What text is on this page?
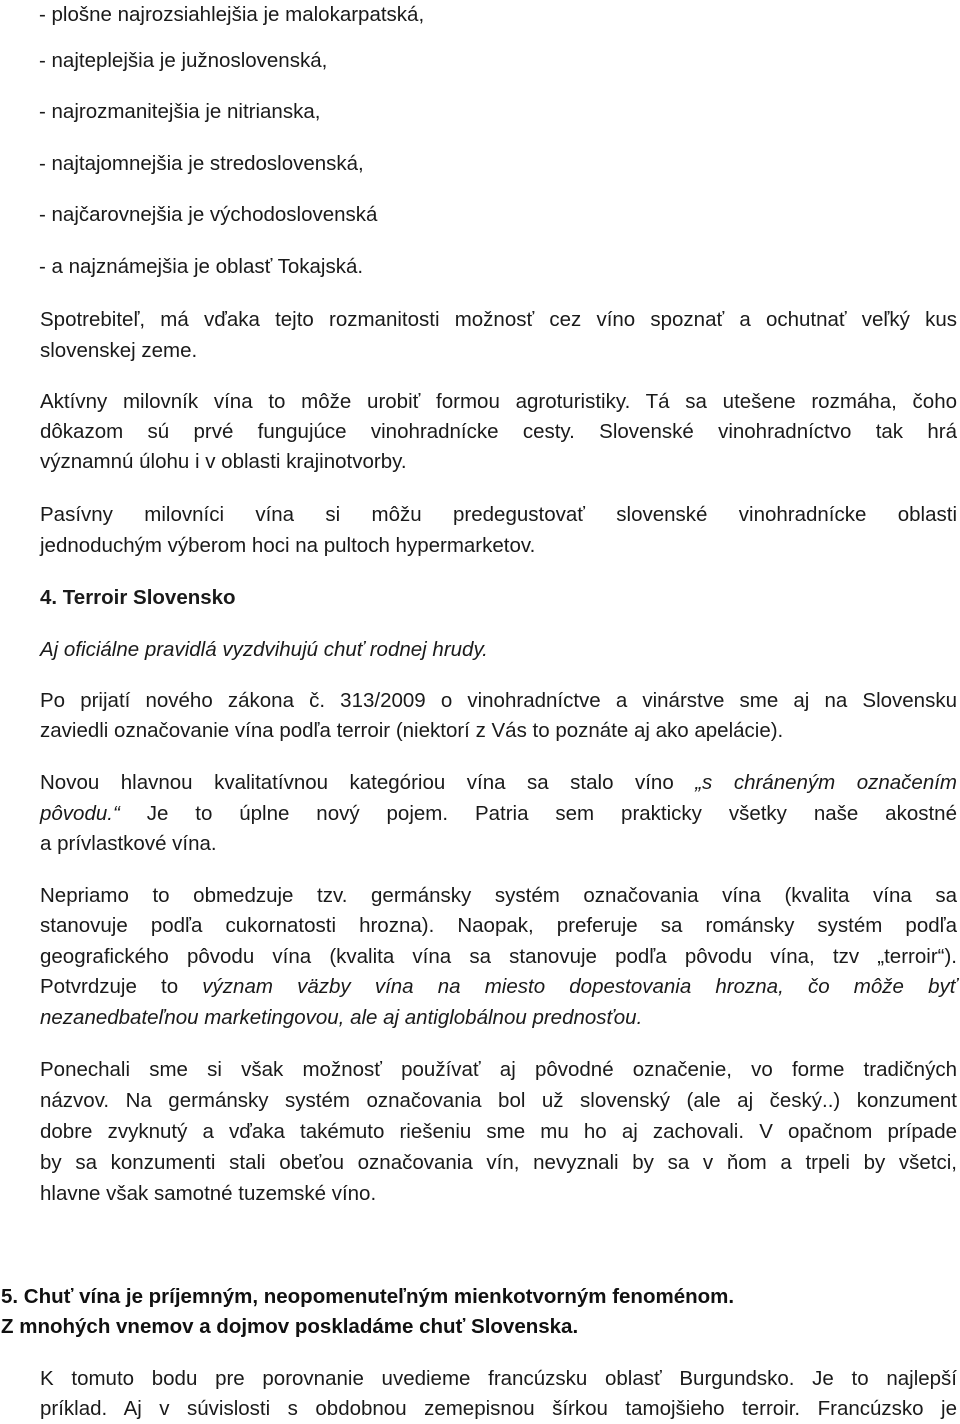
- plošne najrozsiahlejšia je malokarpatská,
- najteplejšia je južnoslovenská,
- najrozmanitejšia je nitrianska,
- najtajomnejšia je stredoslovenská,
- najčarovnejšia je východoslovenská
- a najznámejšia je oblasť Tokajská.
Spotrebiteľ, má vďaka tejto rozmanitosti možnosť cez víno spoznať a ochutnať veľký kus
slovenskej zeme.
Aktívny milovník vína to môže urobiť formou agroturistiky. Tá sa utešene rozmáha, čoho
dôkazom sú prvé fungujúce vinohradnícke cesty. Slovenské vinohradníctvo tak hrá
významnú úlohu i v oblasti krajinotvorby.
Pasívny milovníci vína si môžu predegustovať slovenské vinohradnícke oblasti
jednoduchým výberom hoci na pultoch hypermarketov.
4. Terroir Slovensko
Aj oficiálne pravidlá vyzdvihujú chuť rodnej hrudy.
Po prijatí nového zákona č. 313/2009 o vinohradníctve a vinárstve sme aj na Slovensku
zaviedli označovanie vína podľa terroir (niektorí z Vás to poznáte aj ako apelácie).
Novou hlavnou kvalitatívnou kategóriou vína sa stalo víno „s chráneným označením
pôvodu.“ Je to úplne nový pojem. Patria sem prakticky všetky naše akostné
a prívlastkové vína.
Nepriamo to obmedzuje tzv. germánsky systém označovania vína (kvalita vína sa
stanovuje podľa cukornatosti hrozna). Naopak, preferuje sa románsky systém podľa
geografického pôvodu vína (kvalita vína sa stanovuje podľa pôvodu vína, tzv „terroir“).
Potvrdzuje to význam väzby vína na miesto dopestovania hrozna, čo môže byť
nezanedbateľnou marketingovou, ale aj antiglobálnou prednosťou.
Ponechali sme si však možnosť používať aj pôvodné označenie, vo forme tradičných
názvov. Na germánsky systém označovania bol už slovenský (ale aj český..) konzument
dobre zvyknutý a vďaka takémuto riešeniu sme mu ho aj zachovali. V opačnom prípade
by sa konzumenti stali obeťou označovania vín, nevyznali by sa v ňom a trpeli by všetci,
hlavne však samotné tuzemské víno.
5. Chuť vína je príjemným, neopomenuteľným mienkotvorným fenoménom.
Z mnohých vnemov a dojmov poskladáme chuť Slovenska.
K tomuto bodu pre porovnanie uvedieme francúzsku oblasť Burgundsko. Je to najlepší
príklad. Aj v súvislosti s obdobnou zemepisnou šírkou tamojšieho terroir. Francúzsko je
